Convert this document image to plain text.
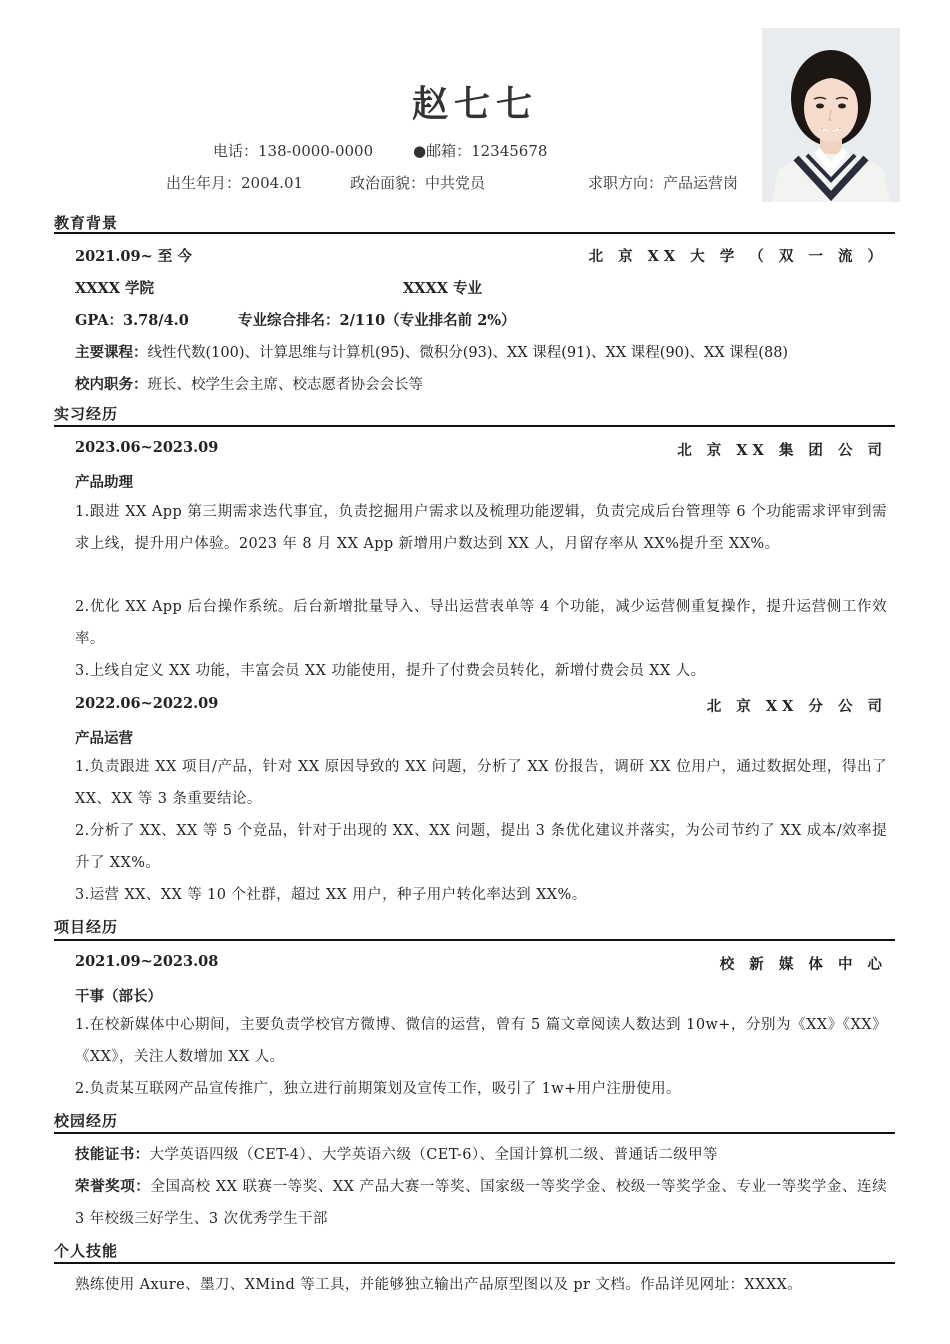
赵七七
电话：138-0000-0000	●邮箱：12345678
出生年月：2004.01	政治面貌：中共党员	求职方向：产品运营岗
教育背景
2021.09~ 至 今	北 京 XX 大 学 （ 双 一 流 ）
XXXX 学院	XXXX 专业
GPA：3.78/4.0	专业综合排名：2/110（专业排名前 2%）
主要课程：线性代数(100)、计算思维与计算机(95)、微积分(93)、XX 课程(91)、XX 课程(90)、XX 课程(88)
校内职务：班长、校学生会主席、校志愿者协会会长等
实习经历
2023.06~2023.09	北 京 XX 集 团 公 司
产品助理
1.跟进 XX App 第三期需求迭代事宜，负责挖掘用户需求以及梳理功能逻辑，负责完成后台管理等 6 个功能需求评审到需求上线，提升用户体验。2023 年 8 月 XX App 新增用户数达到 XX 人，月留存率从 XX%提升至 XX%。
2.优化 XX App 后台操作系统。后台新增批量导入、导出运营表单等 4 个功能，减少运营侧重复操作，提升运营侧工作效率。
3.上线自定义 XX 功能，丰富会员 XX 功能使用，提升了付费会员转化，新增付费会员 XX 人。
2022.06~2022.09	北 京 XX 分 公 司
产品运营
1.负责跟进 XX 项目/产品，针对 XX 原因导致的 XX 问题，分析了 XX 份报告，调研 XX 位用户，通过数据处理，得出了 XX、XX 等 3 条重要结论。
2.分析了 XX、XX 等 5 个竞品，针对于出现的 XX、XX 问题，提出 3 条优化建议并落实，为公司节约了 XX 成本/效率提升了 XX%。
3.运营 XX、XX 等 10 个社群，超过 XX 用户，种子用户转化率达到 XX%。
项目经历
2021.09~2023.08	校 新 媒 体 中 心
干事（部长）
1.在校新媒体中心期间，主要负责学校官方微博、微信的运营，曾有 5 篇文章阅读人数达到 10w+，分别为《XX》《XX》《XX》，关注人数增加 XX 人。
2.负责某互联网产品宣传推广，独立进行前期策划及宣传工作，吸引了 1w+用户注册使用。
校园经历
技能证书：大学英语四级（CET-4）、大学英语六级（CET-6）、全国计算机二级、普通话二级甲等
荣誉奖项：全国高校 XX 联赛一等奖、XX 产品大赛一等奖、国家级一等奖学金、校级一等奖学金、专业一等奖学金、连续 3 年校级三好学生、3 次优秀学生干部
个人技能
熟练使用 Axure、墨刀、XMind 等工具，并能够独立输出产品原型图以及 pr 文档。作品详见网址：XXXX。
